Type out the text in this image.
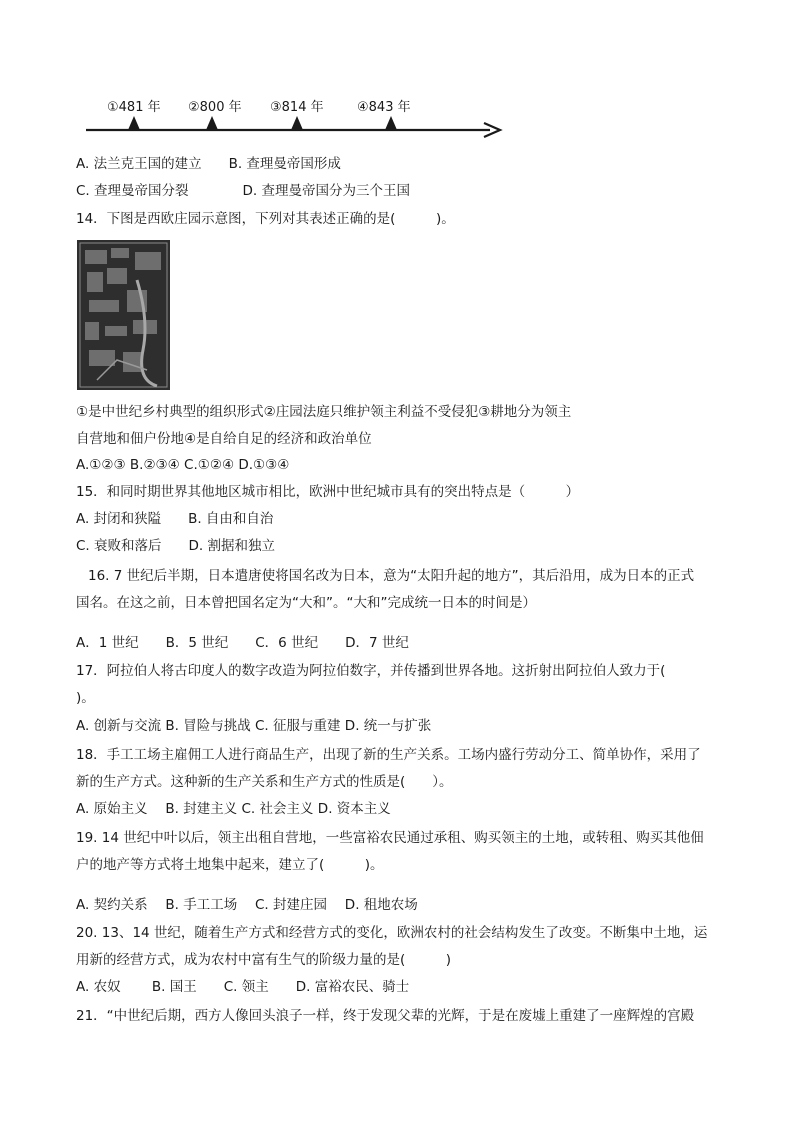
①481 年 ②800 年 ③814 年	④843 年
A. 法兰克王国的建立　　B. 查理曼帝国形成
C. 查理曼帝国分裂　　　　D. 查理曼帝国分为三个王国
14．下图是西欧庄园示意图，下列对其表述正确的是(　　　)。
①是中世纪乡村典型的组织形式②庄园法庭只维护领主利益不受侵犯③耕地分为领主
自营地和佃户份地④是自给自足的经济和政治单位
A.①②③ B.②③④ C.①②④ D.①③④
15．和同时期世界其他地区城市相比，欧洲中世纪城市具有的突出特点是（　　　）
A. 封闭和狭隘　　B. 自由和自治
C. 衰败和落后　　D. 割据和独立
16. 7 世纪后半期，日本遣唐使将国名改为日本，意为“太阳升起的地方”，其后沿用，成为日本的正式
国名。在这之前，日本曾把国名定为“大和”。“大和”完成统一日本的时间是）
A．1 世纪　　B．5 世纪　　C．6 世纪　　D．7 世纪
17．阿拉伯人将古印度人的数字改造为阿拉伯数字，并传播到世界各地。这折射出阿拉伯人致力于(
)。
A. 创新与交流 B. 冒险与挑战 C. 征服与重建 D. 统一与扩张
18．手工工场主雇佣工人进行商品生产，出现了新的生产关系。工场内盛行劳动分工、简单协作，采用了
新的生产方式。这种新的生产关系和生产方式的性质是(　　）。
A. 原始主义　 B. 封建主义 C. 社会主义 D. 资本主义
19. 14 世纪中叶以后，领主出租自营地，一些富裕农民通过承租、购买领主的土地，或转租、购买其他佃
户的地产等方式将土地集中起来，建立了(　　　)。
A. 契约关系　 B. 手工工场　 C. 封建庄园　 D. 租地农场
20. 13、14 世纪，随着生产方式和经营方式的变化，欧洲农村的社会结构发生了改变。不断集中土地，运
用新的经营方式，成为农村中富有生气的阶级力量的是(　　　)
A. 农奴　　 B. 国王　　C. 领主　　D. 富裕农民、骑士
21．“中世纪后期，西方人像回头浪子一样，终于发现父辈的光辉，于是在废墟上重建了一座辉煌的宫殿
